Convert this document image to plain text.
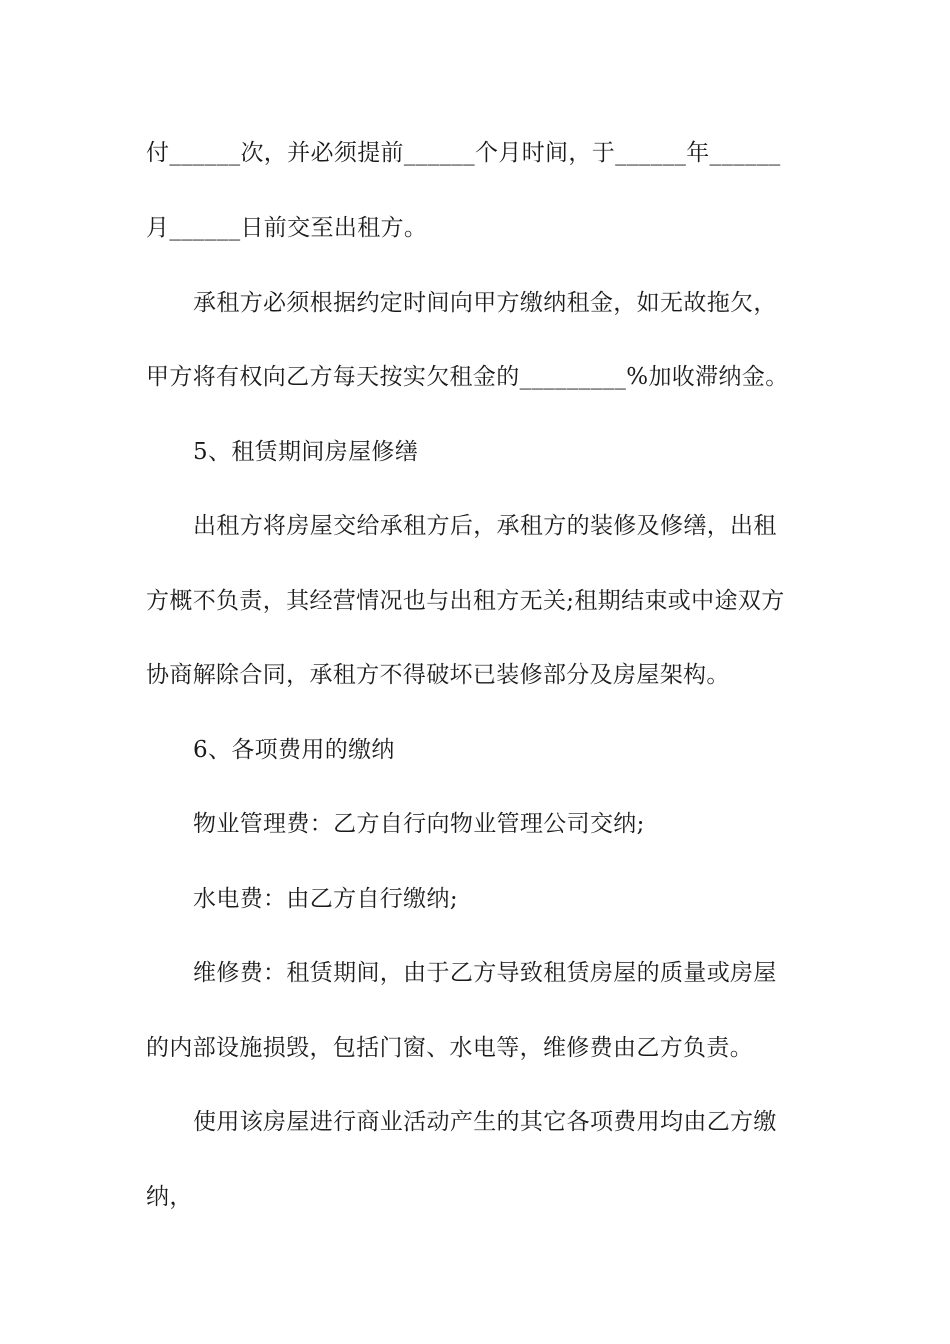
付______次，并必须提前______个月时间，于______年______
月______日前交至出租方。
承租方必须根据约定时间向甲方缴纳租金，如无故拖欠，
甲方将有权向乙方每天按实欠租金的_________%加收滞纳金。
5、租赁期间房屋修缮
出租方将房屋交给承租方后，承租方的装修及修缮，出租
方概不负责，其经营情况也与出租方无关;租期结束或中途双方
协商解除合同，承租方不得破坏已装修部分及房屋架构。
6、各项费用的缴纳
物业管理费：乙方自行向物业管理公司交纳;
水电费：由乙方自行缴纳;
维修费：租赁期间，由于乙方导致租赁房屋的质量或房屋
的内部设施损毁，包括门窗、水电等，维修费由乙方负责。
使用该房屋进行商业活动产生的其它各项费用均由乙方缴
纳，
